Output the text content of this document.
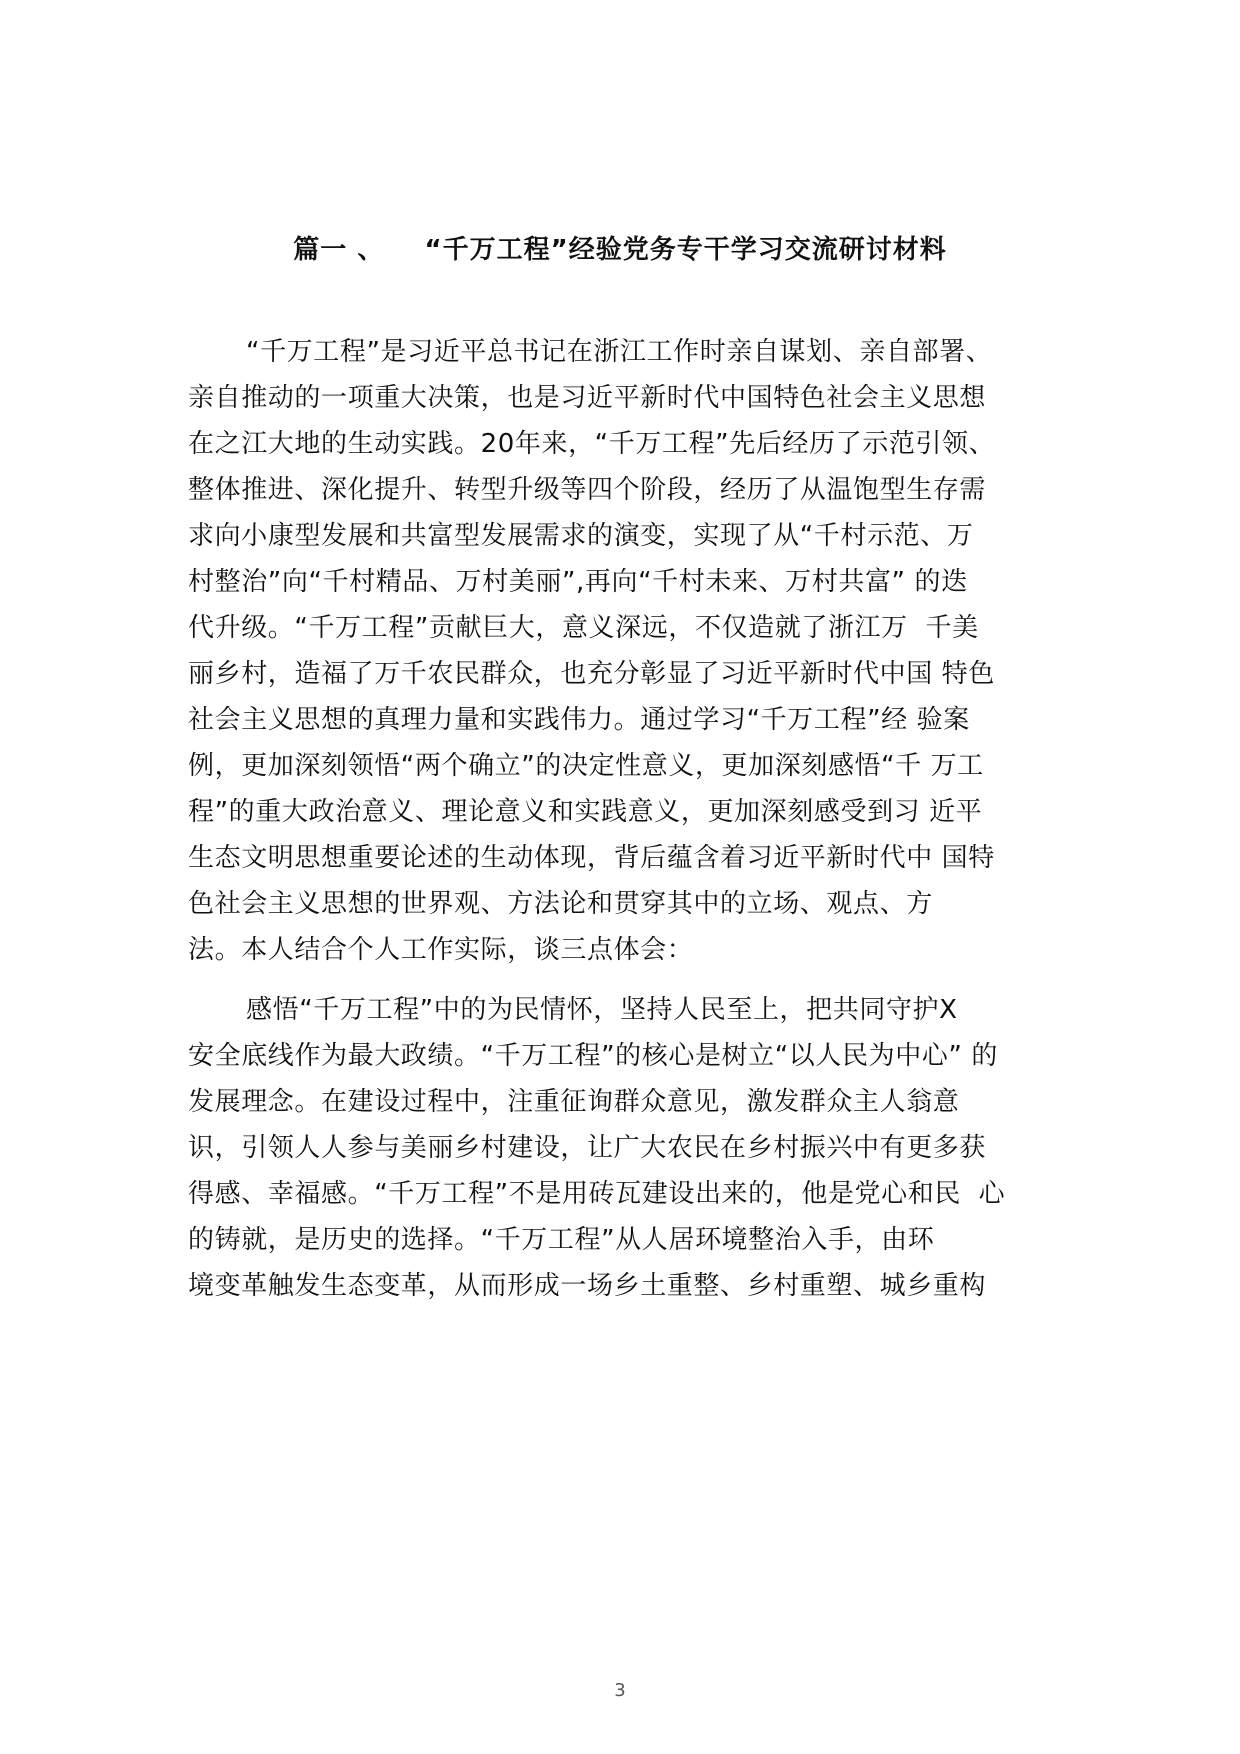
篇一 、    “千万工程”经验党务专干学习交流研讨材料
“千万工程”是习近平总书记在浙江工作时亲自谋划、亲自部署、
亲自推动的一项重大决策，也是习近平新时代中国特色社会主义思想
在之江大地的生动实践。20年来，“千万工程”先后经历了示范引领、
整体推进、深化提升、转型升级等四个阶段，经历了从温饱型生存需
求向小康型发展和共富型发展需求的演变，实现了从“千村示范、万
村整治”向“千村精品、万村美丽”,再向“千村未来、万村共富” 的迭
代升级。“千万工程”贡献巨大，意义深远，不仅造就了浙江万  千美
丽乡村，造福了万千农民群众，也充分彰显了习近平新时代中国 特色
社会主义思想的真理力量和实践伟力。通过学习“千万工程”经 验案
例，更加深刻领悟“两个确立”的决定性意义，更加深刻感悟“千 万工
程”的重大政治意义、理论意义和实践意义，更加深刻感受到习 近平
生态文明思想重要论述的生动体现，背后蕴含着习近平新时代中 国特
色社会主义思想的世界观、方法论和贯穿其中的立场、观点、方
法。本人结合个人工作实际，谈三点体会：
感悟“千万工程”中的为民情怀，坚持人民至上，把共同守护X
安全底线作为最大政绩。“千万工程”的核心是树立“以人民为中心” 的
发展理念。在建设过程中，注重征询群众意见，激发群众主人翁意
识，引领人人参与美丽乡村建设，让广大农民在乡村振兴中有更多获
得感、幸福感。“千万工程”不是用砖瓦建设出来的，他是党心和民  心
的铸就，是历史的选择。“千万工程”从人居环境整治入手，由环
境变革触发生态变革，从而形成一场乡土重整、乡村重塑、城乡重构
3
